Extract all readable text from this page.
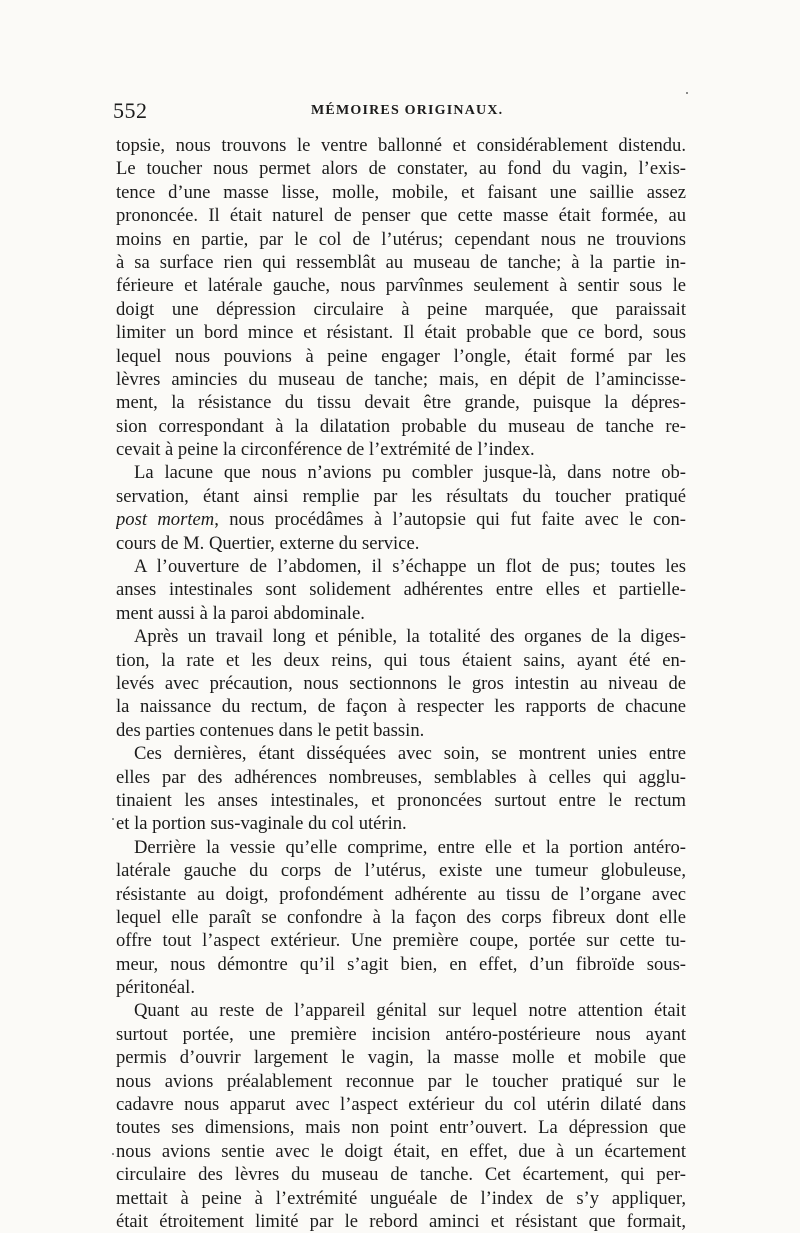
552	MÉMOIRES ORIGINAUX.
topsie, nous trouvons le ventre ballonné et considérablement distendu.
Le toucher nous permet alors de constater, au fond du vagin, l’exis-
tence d’une masse lisse, molle, mobile, et faisant une saillie assez
prononcée. Il était naturel de penser que cette masse était formée, au
moins en partie, par le col de l’utérus; cependant nous ne trouvions
à sa surface rien qui ressemblât au museau de tanche; à la partie in-
férieure et latérale gauche, nous parvînmes seulement à sentir sous le
doigt une dépression circulaire à peine marquée, que paraissait
limiter un bord mince et résistant. Il était probable que ce bord, sous
lequel nous pouvions à peine engager l’ongle, était formé par les
lèvres amincies du museau de tanche; mais, en dépit de l’amincisse-
ment, la résistance du tissu devait être grande, puisque la dépres-
sion correspondant à la dilatation probable du museau de tanche re-
cevait à peine la circonférence de l’extrémité de l’index.
La lacune que nous n’avions pu combler jusque-là, dans notre ob-
servation, étant ainsi remplie par les résultats du toucher pratiqué
post mortem, nous procédâmes à l’autopsie qui fut faite avec le con-
cours de M. Quertier, externe du service.
A l’ouverture de l’abdomen, il s’échappe un flot de pus; toutes les
anses intestinales sont solidement adhérentes entre elles et partielle-
ment aussi à la paroi abdominale.
Après un travail long et pénible, la totalité des organes de la diges-
tion, la rate et les deux reins, qui tous étaient sains, ayant été en-
levés avec précaution, nous sectionnons le gros intestin au niveau de
la naissance du rectum, de façon à respecter les rapports de chacune
des parties contenues dans le petit bassin.
Ces dernières, étant disséquées avec soin, se montrent unies entre
elles par des adhérences nombreuses, semblables à celles qui agglu-
tinaient les anses intestinales, et prononcées surtout entre le rectum
et la portion sus-vaginale du col utérin.
Derrière la vessie qu’elle comprime, entre elle et la portion antéro-
latérale gauche du corps de l’utérus, existe une tumeur globuleuse,
résistante au doigt, profondément adhérente au tissu de l’organe avec
lequel elle paraît se confondre à la façon des corps fibreux dont elle
offre tout l’aspect extérieur. Une première coupe, portée sur cette tu-
meur, nous démontre qu’il s’agit bien, en effet, d’un fibroïde sous-
péritonéal.
Quant au reste de l’appareil génital sur lequel notre attention était
surtout portée, une première incision antéro-postérieure nous ayant
permis d’ouvrir largement le vagin, la masse molle et mobile que
nous avions préalablement reconnue par le toucher pratiqué sur le
cadavre nous apparut avec l’aspect extérieur du col utérin dilaté dans
toutes ses dimensions, mais non point entr’ouvert. La dépression que
nous avions sentie avec le doigt était, en effet, due à un écartement
circulaire des lèvres du museau de tanche. Cet écartement, qui per-
mettait à peine à l’extrémité unguéale de l’index de s’y appliquer,
était étroitement limité par le rebord aminci et résistant que formait,
